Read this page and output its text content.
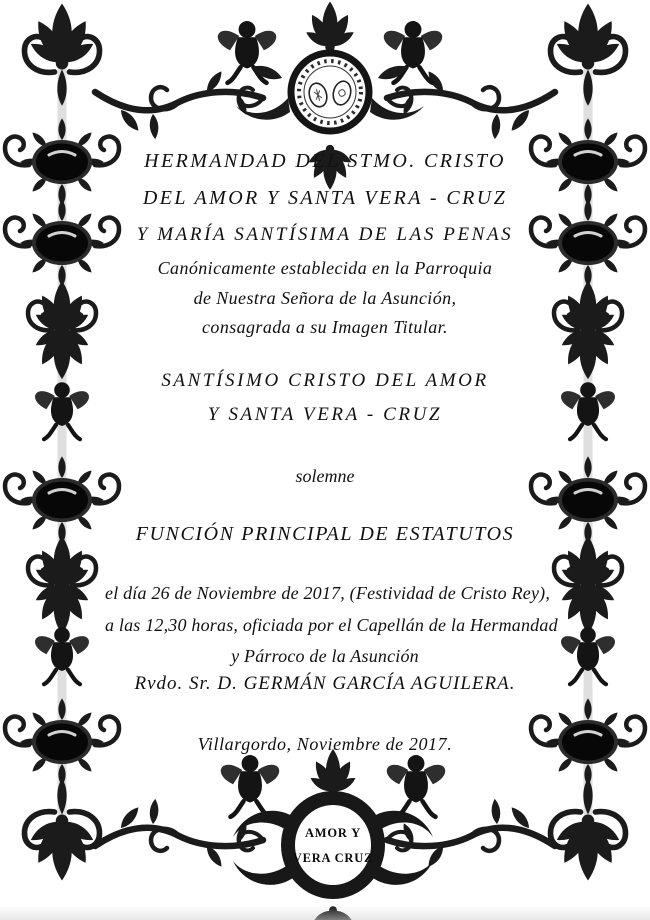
AMOR Y
VERA CRUZ
HERMANDAD DEL STMO. CRISTO
DEL AMOR Y SANTA VERA - CRUZ
Y MARÍA SANTÍSIMA DE LAS PENAS
Canónicamente establecida en la Parroquia
de Nuestra Señora de la Asunción,
consagrada a su Imagen Titular.
SANTÍSIMO CRISTO DEL AMOR
Y SANTA VERA - CRUZ
solemne
FUNCIÓN PRINCIPAL DE ESTATUTOS
el día 26 de Noviembre de 2017, (Festividad de Cristo Rey),
a las 12,30 horas, oficiada por el Capellán de la Hermandad
y Párroco de la Asunción
Rvdo. Sr. D. GERMÁN GARCÍA AGUILERA.
Villargordo, Noviembre de 2017.
